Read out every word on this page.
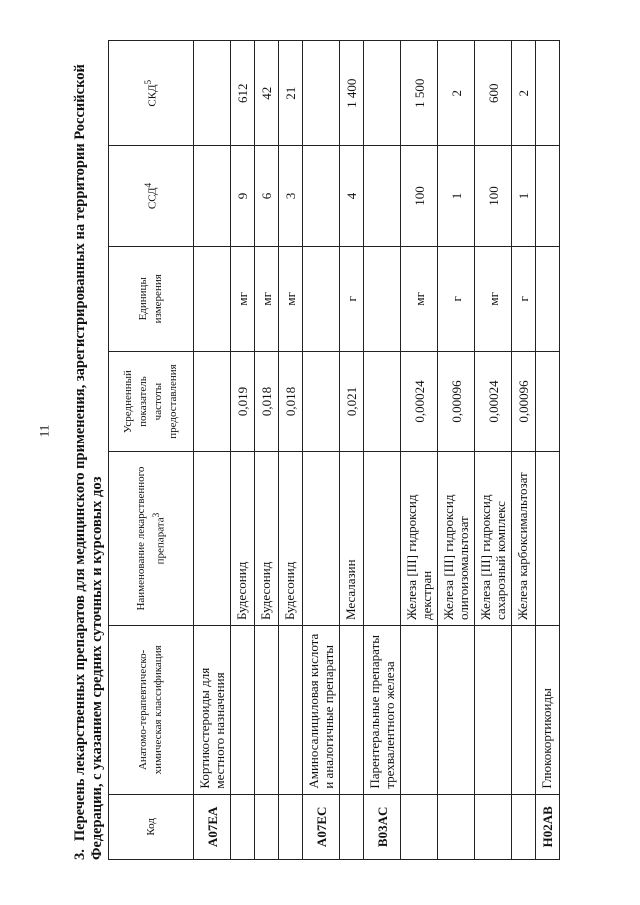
11

3.Перечень лекарственных препаратов для медицинского применения, зарегистрированных на территории Российской Федерации, с указанием средних суточных и курсовых доз	Код	Анатомо-терапевтическо-химическая классификация	Наименование лекарственного препарата$^3$	Усредненный показатель частоты предоставления	Единицы измерения	ССД$^4$	СКД$^5$
A07EA	Кортикостероиды для местного назначения					
		Будесонид	0,019	мг	9	612
		Будесонид	0,018	мг	6	42
		Будесонид	0,018	мг	3	21
A07EC	Аминосалициловая кислота и аналогичные препараты					
		Месалазин	0,021	г	4	1 400
B03AC	Парентеральные препараты трехвалентного железа					
		Железа [III] гидроксид декстран	0,00024	мг	100	1 500
		Железа [III] гидроксид олигоизомальтозат	0,00096	г	1	2
		Железа [III] гидроксид сахарозный комплекс	0,00024	мг	100	600
		Железа карбоксимальтозат	0,00096	г	1	2
H02AB	Глюкокортикоиды					
